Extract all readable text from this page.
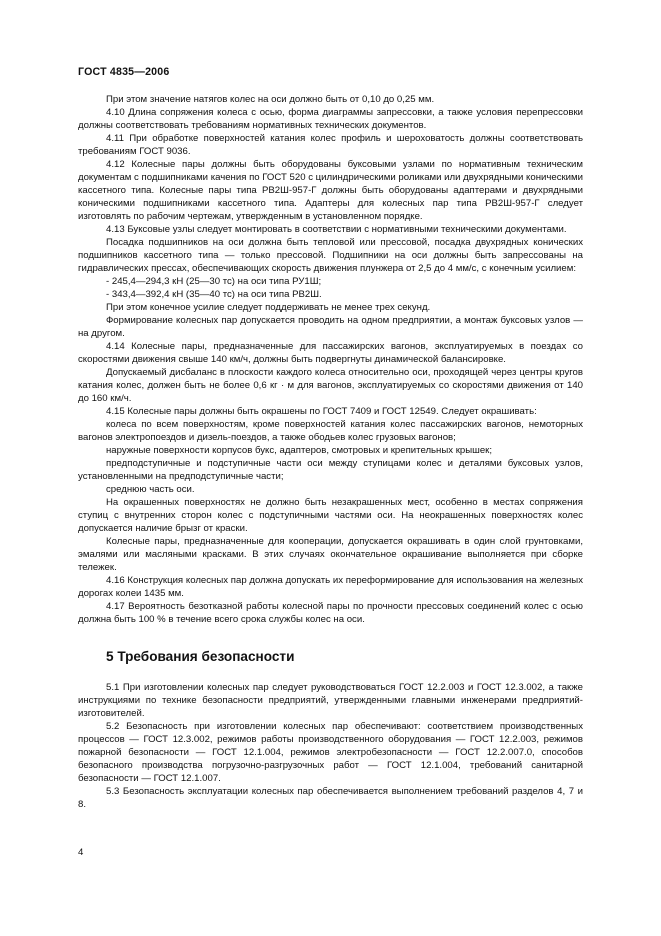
ГОСТ 4835—2006

При этом значение натягов колес на оси должно быть от 0,10 до 0,25 мм.

4.10 Длина сопряжения колеса с осью, форма диаграммы запрессовки, а также условия перепрессовки должны соответствовать требованиям нормативных технических документов.

4.11 При обработке поверхностей катания колес профиль и шероховатость должны соответствовать требованиям ГОСТ 9036.

4.12 Колесные пары должны быть оборудованы буксовыми узлами по нормативным техническим документам с подшипниками качения по ГОСТ 520 с цилиндрическими роликами или двухрядными коническими кассетного типа. Колесные пары типа РВ2Ш-957-Г должны быть оборудованы адаптерами и двухрядными коническими подшипниками кассетного типа. Адаптеры для колесных пар типа РВ2Ш-957-Г следует изготовлять по рабочим чертежам, утвержденным в установленном порядке.

4.13 Буксовые узлы следует монтировать в соответствии с нормативными техническими документами.

Посадка подшипников на оси должна быть тепловой или прессовой, посадка двухрядных конических подшипников кассетного типа — только прессовой. Подшипники на оси должны быть запрессованы на гидравлических прессах, обеспечивающих скорость движения плунжера от 2,5 до 4 мм/с, с конечным усилием:

- 245,4—294,3 кН (25—30 тс) на оси типа РУ1Ш;

- 343,4—392,4 кН (35—40 тс) на оси типа РВ2Ш.

При этом конечное усилие следует поддерживать не менее трех секунд.

Формирование колесных пар допускается проводить на одном предприятии, а монтаж буксовых узлов — на другом.

4.14 Колесные пары, предназначенные для пассажирских вагонов, эксплуатируемых в поездах со скоростями движения свыше 140 км/ч, должны быть подвергнуты динамической балансировке.

Допускаемый дисбаланс в плоскости каждого колеса относительно оси, проходящей через центры кругов катания колес, должен быть не более 0,6 кг · м для вагонов, эксплуатируемых со скоростями движения от 140 до 160 км/ч.

4.15 Колесные пары должны быть окрашены по ГОСТ 7409 и ГОСТ 12549. Следует окрашивать:

колеса по всем поверхностям, кроме поверхностей катания колес пассажирских вагонов, немоторных вагонов электропоездов и дизель-поездов, а также ободьев колес грузовых вагонов;

наружные поверхности корпусов букс, адаптеров, смотровых и крепительных крышек;

предподступичные и подступичные части оси между ступицами колес и деталями буксовых узлов, установленными на предподступичные части;

среднюю часть оси.

На окрашенных поверхностях не должно быть незакрашенных мест, особенно в местах сопряжения ступиц с внутренних сторон колес с подступичными частями оси. На неокрашенных поверхностях колес допускается наличие брызг от краски.

Колесные пары, предназначенные для кооперации, допускается окрашивать в один слой грунтовками, эмалями или масляными красками. В этих случаях окончательное окрашивание выполняется при сборке тележек.

4.16 Конструкция колесных пар должна допускать их переформирование для использования на железных дорогах колеи 1435 мм.

4.17 Вероятность безотказной работы колесной пары по прочности прессовых соединений колес с осью должна быть 100 % в течение всего срока службы колес на оси.

5 Требования безопасности

5.1 При изготовлении колесных пар следует руководствоваться ГОСТ 12.2.003 и ГОСТ 12.3.002, а также инструкциями по технике безопасности предприятий, утвержденными главными инженерами предприятий-изготовителей.

5.2 Безопасность при изготовлении колесных пар обеспечивают: соответствием производственных процессов — ГОСТ 12.3.002, режимов работы производственного оборудования — ГОСТ 12.2.003, режимов пожарной безопасности — ГОСТ 12.1.004, режимов электробезопасности — ГОСТ 12.2.007.0, способов безопасного производства погрузочно-разгрузочных работ — ГОСТ 12.1.004, требований санитарной безопасности — ГОСТ 12.1.007.

5.3 Безопасность эксплуатации колесных пар обеспечивается выполнением требований разделов 4, 7 и 8.

4
